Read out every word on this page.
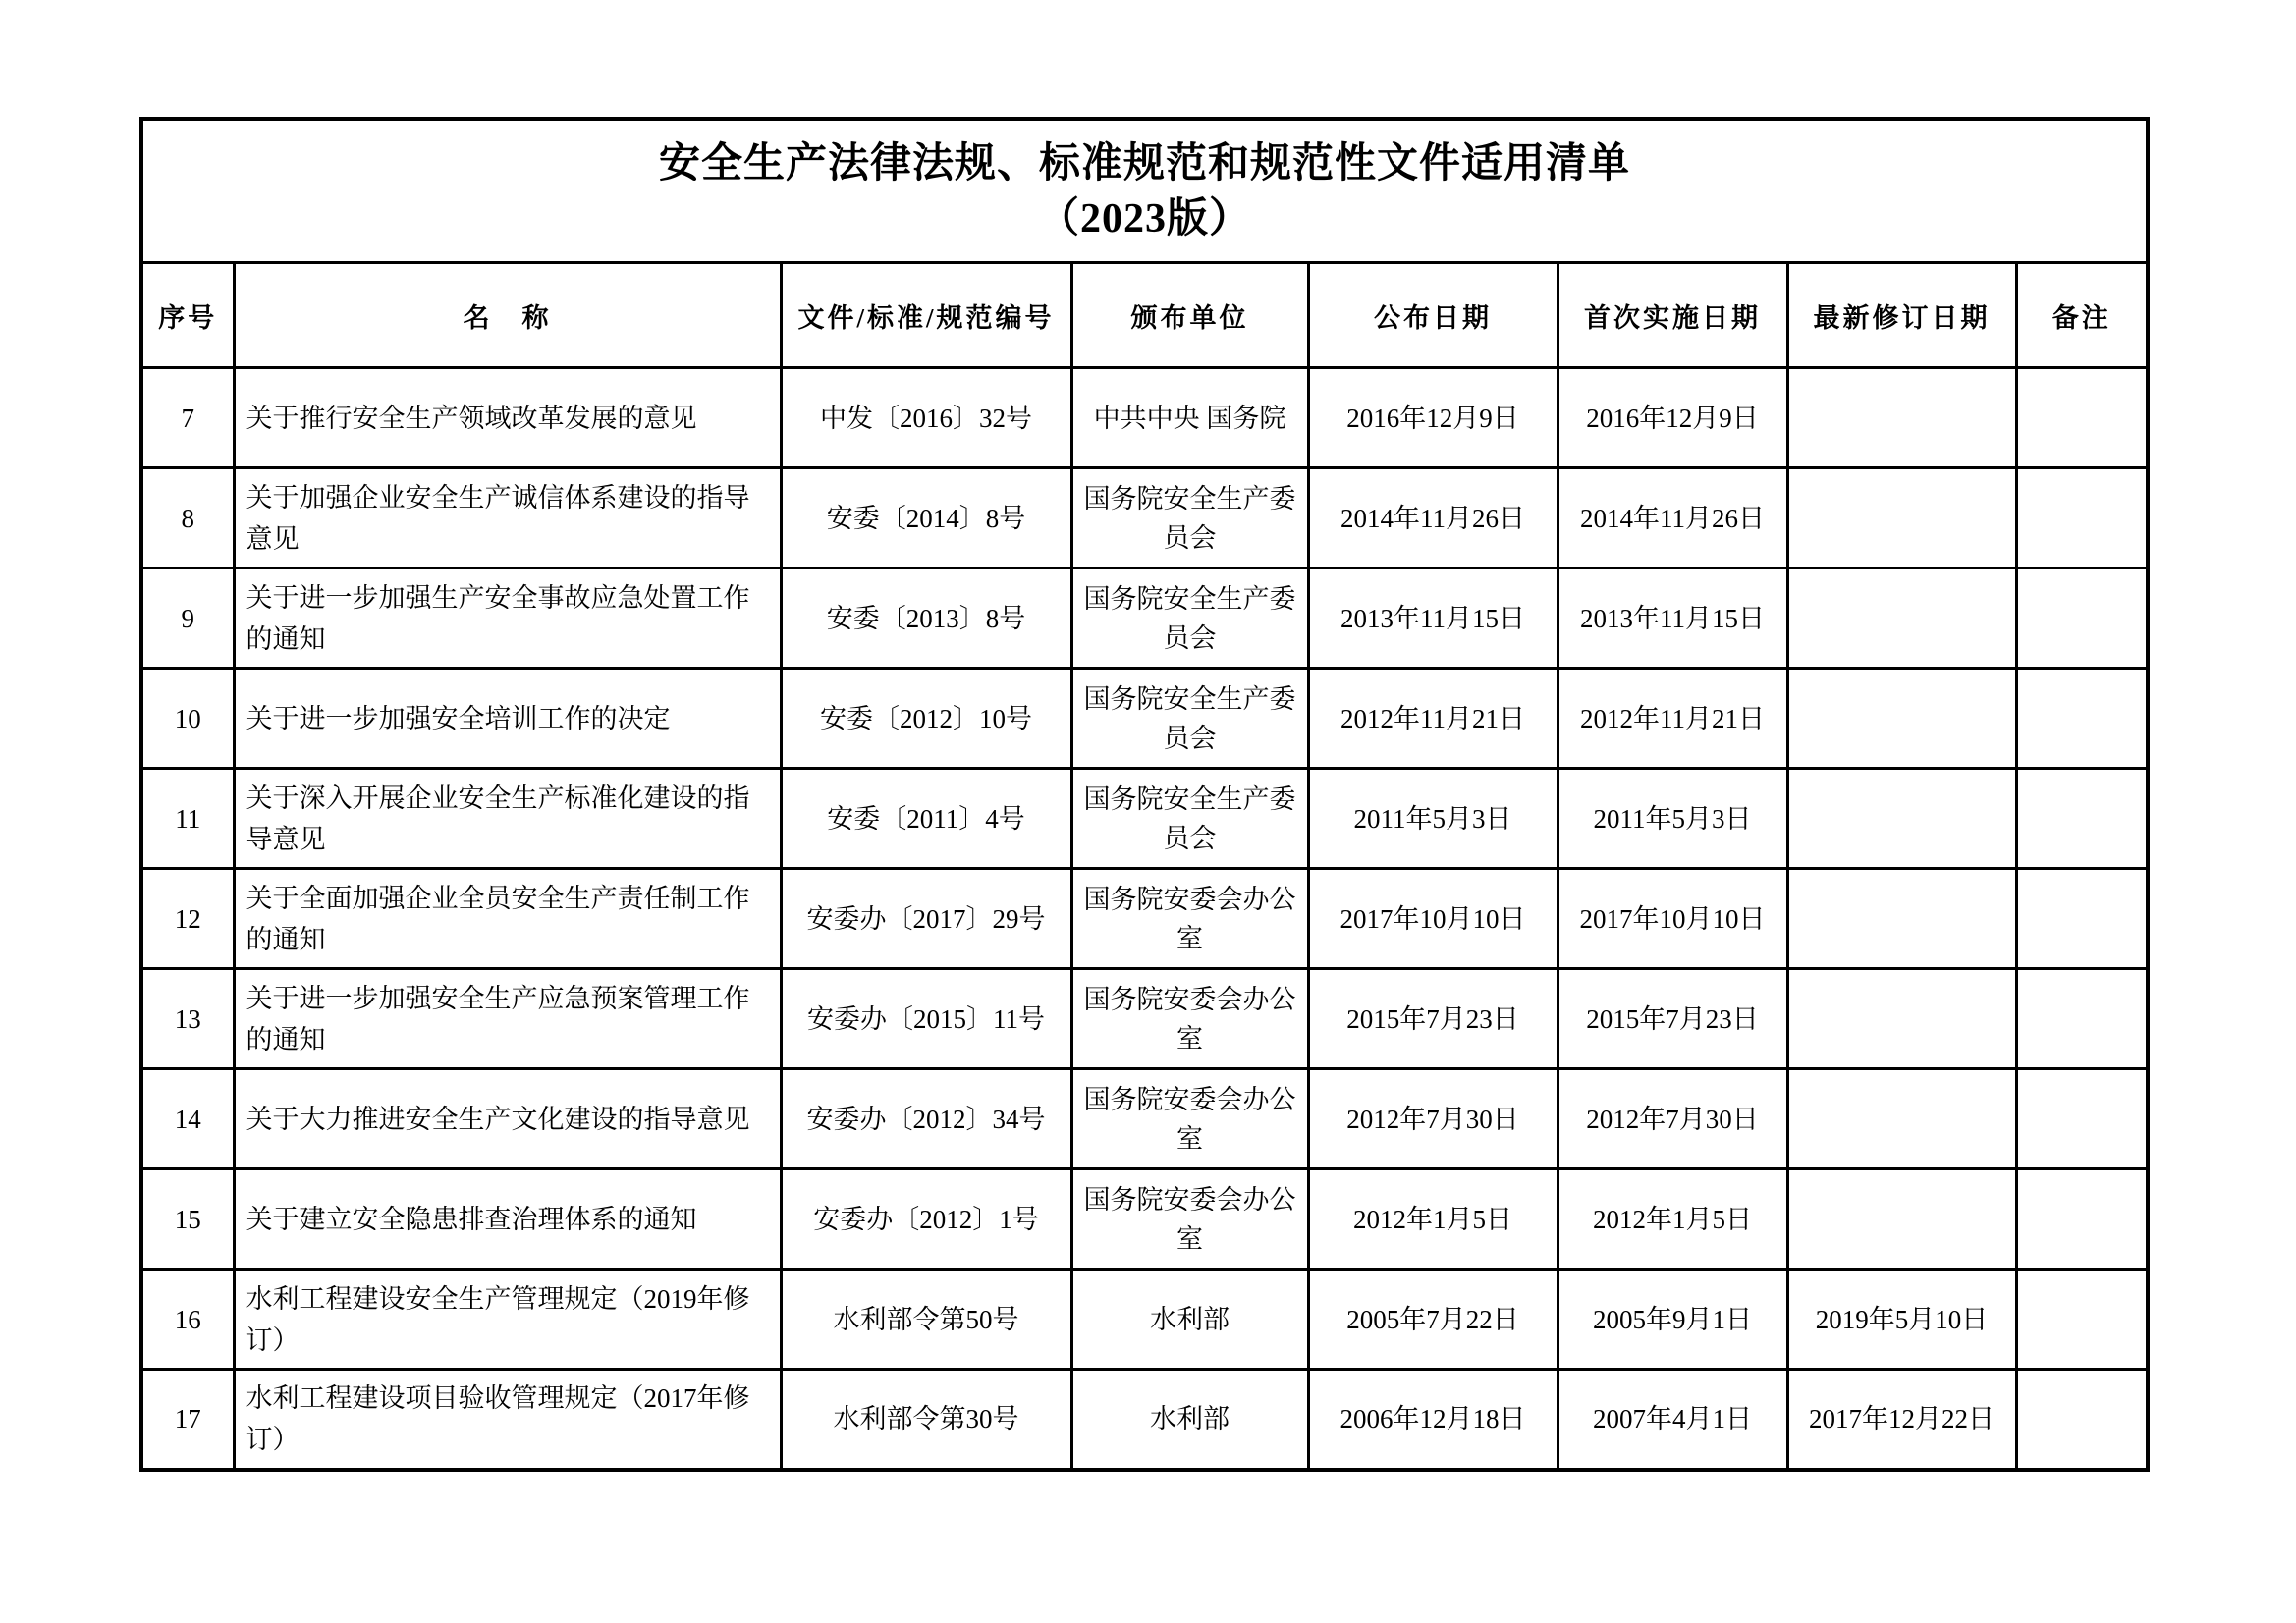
安全生产法律法规、标准规范和规范性文件适用清单
（2023版）							

序号	名　称	文件/标准/规范编号	颁布单位	公布日期	首次实施日期	最新修订日期	备注
7	关于推行安全生产领域改革发展的意见	中发〔2016〕32号	中共中央 国务院	2016年12月9日	2016年12月9日		
8	关于加强企业安全生产诚信体系建设的指导意见	安委〔2014〕8号	国务院安全生产委员会	2014年11月26日	2014年11月26日		
9	关于进一步加强生产安全事故应急处置工作的通知	安委〔2013〕8号	国务院安全生产委员会	2013年11月15日	2013年11月15日		
10	关于进一步加强安全培训工作的决定	安委〔2012〕10号	国务院安全生产委员会	2012年11月21日	2012年11月21日		
11	关于深入开展企业安全生产标准化建设的指导意见	安委〔2011〕4号	国务院安全生产委员会	2011年5月3日	2011年5月3日		
12	关于全面加强企业全员安全生产责任制工作的通知	安委办〔2017〕29号	国务院安委会办公室	2017年10月10日	2017年10月10日		
13	关于进一步加强安全生产应急预案管理工作的通知	安委办〔2015〕11号	国务院安委会办公室	2015年7月23日	2015年7月23日		
14	关于大力推进安全生产文化建设的指导意见	安委办〔2012〕34号	国务院安委会办公室	2012年7月30日	2012年7月30日		
15	关于建立安全隐患排查治理体系的通知	安委办〔2012〕1号	国务院安委会办公室	2012年1月5日	2012年1月5日		
16	水利工程建设安全生产管理规定（2019年修订）	水利部令第50号	水利部	2005年7月22日	2005年9月1日	2019年5月10日	
17	水利工程建设项目验收管理规定（2017年修订）	水利部令第30号	水利部	2006年12月18日	2007年4月1日	2017年12月22日	
